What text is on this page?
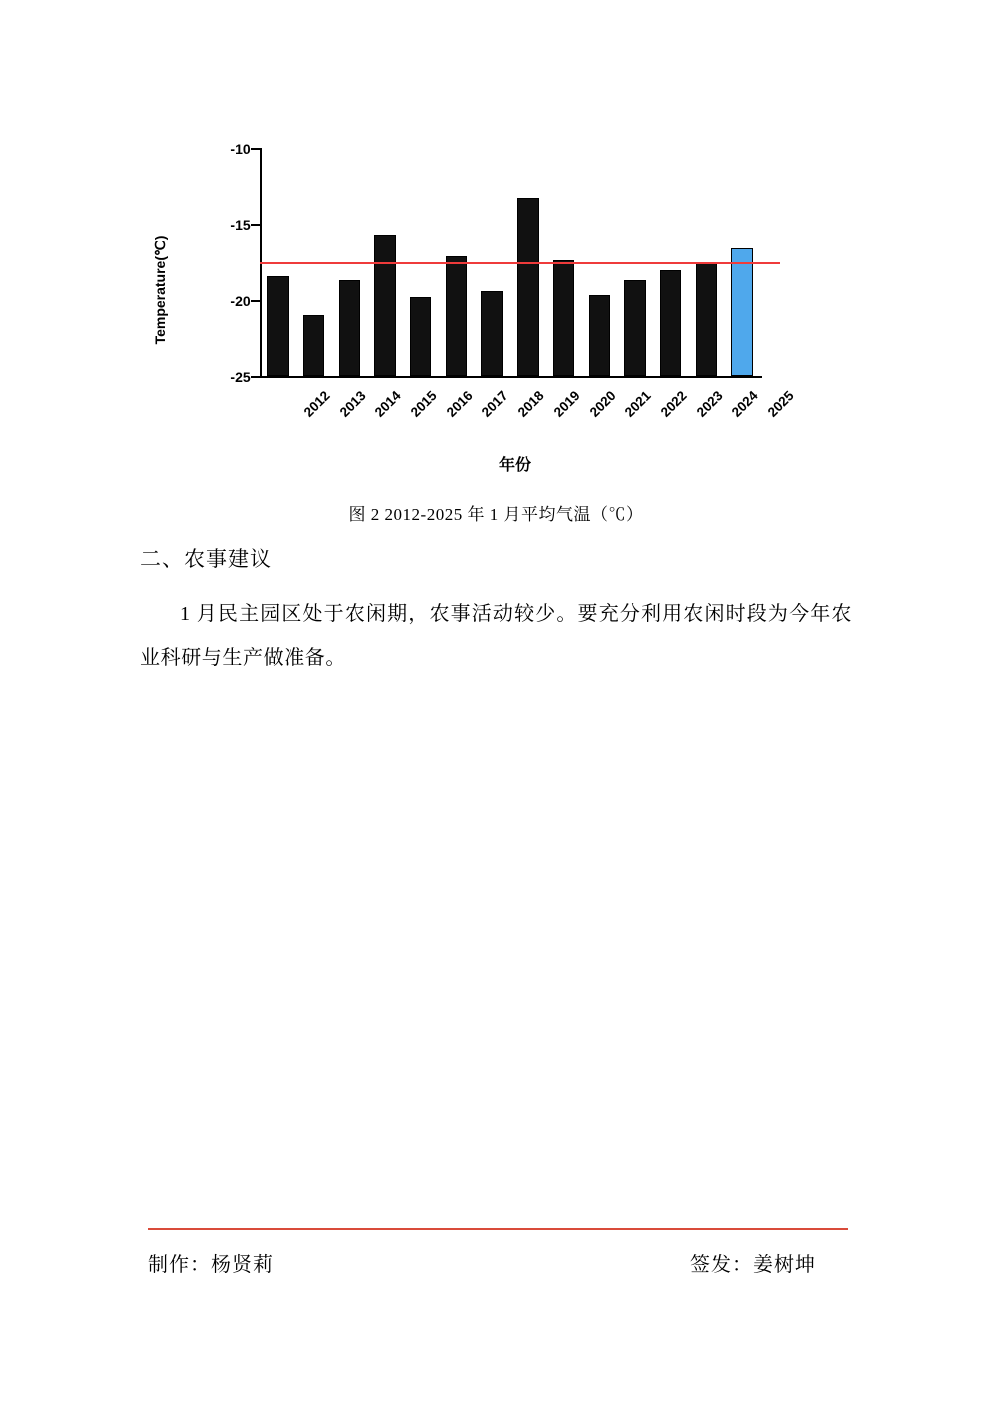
Temperature(℃)
-10
-15
-20
-25
2012 2013 2014 2015 2016 2017 2018 2019 2020 2021 2022 2023 2024 2025
年份
图 2 2012-2025 年 1 月平均气温（℃）
二、农事建议
1 月民主园区处于农闲期，农事活动较少。要充分利用农闲时段为今年农业科研与生产做准备。
制作：杨贤莉	签发：姜树坤
